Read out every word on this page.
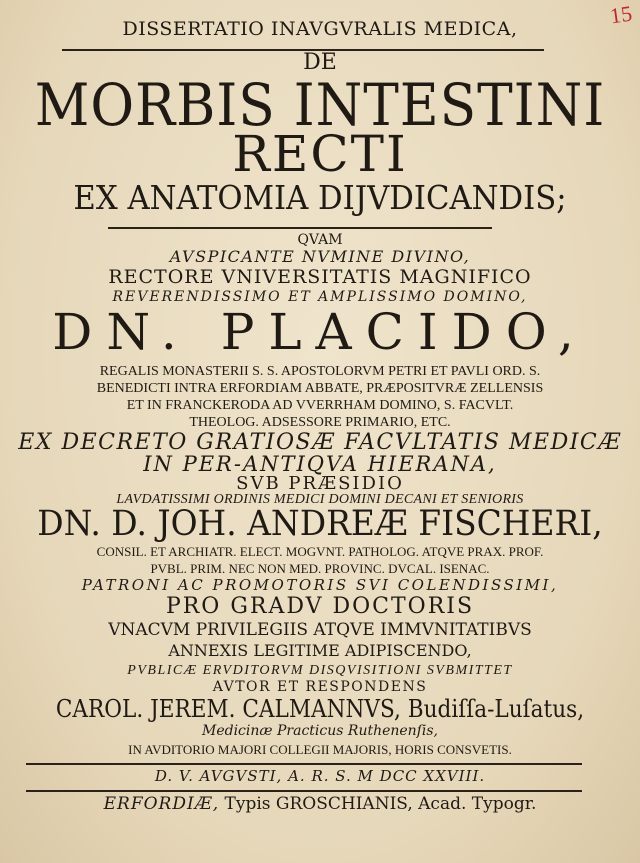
15
DISSERTATIO INAVGVRALIS MEDICA,
DE
MORBIS INTESTINI
RECTI
EX ANATOMIA DIJVDICANDIS;
QVAM
AVSPICANTE NVMINE DIVINO,
RECTORE VNIVERSITATIS MAGNIFICO
REVERENDISSIMO ET AMPLISSIMO DOMINO,
DN. PLACIDO,
REGALIS MONASTERII S. S. APOSTOLORVM PETRI ET PAVLI ORD. S.
BENEDICTI INTRA ERFORDIAM ABBATE, PRÆPOSITVRÆ ZELLENSIS
ET IN FRANCKERODA AD VVERRHAM DOMINO, S. FACVLT.
THEOLOG. ADSESSORE PRIMARIO, ETC.
EX DECRETO GRATIOSÆ FACVLTATIS MEDICÆ
IN PER-ANTIQVA HIERANA,
SVB PRÆSIDIO
LAVDATISSIMI ORDINIS MEDICI DOMINI DECANI ET SENIORIS
DN. D. JOH. ANDREÆ FISCHERI,
CONSIL. ET ARCHIATR. ELECT. MOGVNT. PATHOLOG. ATQVE PRAX. PROF.
PVBL. PRIM. NEC NON MED. PROVINC. DVCAL. ISENAC.
PATRONI AC PROMOTORIS SVI COLENDISSIMI,
PRO GRADV DOCTORIS
VNACVM PRIVILEGIIS ATQVE IMMVNITATIBVS
ANNEXIS LEGITIME ADIPISCENDO,
PVBLICÆ ERVDITORVM DISQVISITIONI SVBMITTET
AVTOR ET RESPONDENS
CAROL. JEREM. CALMANNVS, Budiſſa-Luſatus,
Medicinæ Practicus Ruthenenſis,
IN AVDITORIO MAJORI COLLEGII MAJORIS, HORIS CONSVETIS.
D. V. AVGVSTI, A. R. S. M DCC XXVIII.
ERFORDIÆ, Typis GROSCHIANIS, Acad. Typogr.
